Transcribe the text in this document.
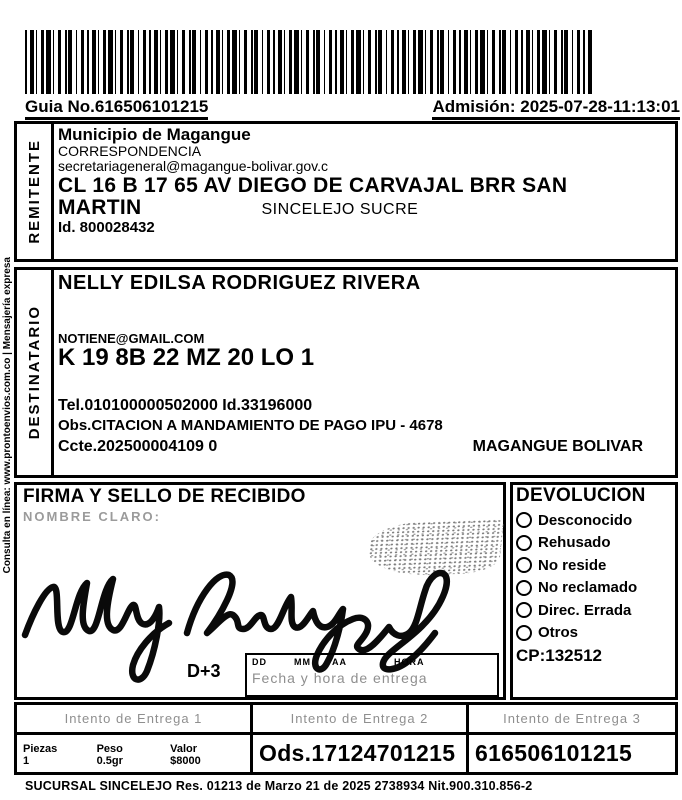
Guia No.616506101215	Admisión: 2025-07-28-11:13:01
Consulta en línea: www.prontoenvios.com.co | Mensajería expresa
REMITENTE
Municipio de Magangue
CORRESPONDENCIA
secretariageneral@magangue-bolivar.gov.c
CL 16 B 17 65 AV DIEGO DE CARVAJAL BRR SAN
MARTIN	SINCELEJO SUCRE
Id. 800028432
DESTINATARIO
NELLY EDILSA RODRIGUEZ RIVERA
NOTIENE@GMAIL.COM
K 19 8B 22 MZ 20 LO 1
Tel.010100000502000 Id.33196000
Obs.CITACION A MANDAMIENTO DE PAGO IPU - 4678
Ccte.202500004109 0	MAGANGUE BOLIVAR
FIRMA Y SELLO DE RECIBIDO
NOMBRE CLARO:
D+3	DD	MM	AA	HORA
Fecha y hora de entrega
DEVOLUCION
Desconocido
Rehusado
No reside
No reclamado
Direc. Errada
Otros
CP:132512
Intento de Entrega 1
Piezas
1
Peso
0.5gr
Valor
$8000
Intento de Entrega 2
Ods.17124701215
Intento de Entrega 3
616506101215
SUCURSAL SINCELEJO Res. 01213 de Marzo 21 de 2025 2738934 Nit.900.310.856-2
